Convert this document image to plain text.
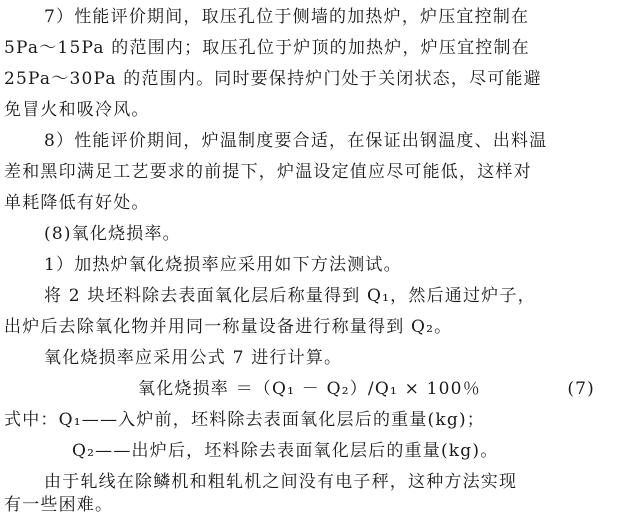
7）性能评价期间，取压孔位于侧墙的加热炉，炉压宜控制在
5Pa～15Pa 的范围内；取压孔位于炉顶的加热炉，炉压宜控制在
25Pa～30Pa 的范围内。同时要保持炉门处于关闭状态，尽可能避
免冒火和吸冷风。
8）性能评价期间，炉温制度要合适，在保证出钢温度、出料温
差和黑印满足工艺要求的前提下，炉温设定值应尽可能低，这样对
单耗降低有好处。
(8)氧化烧损率。
1）加热炉氧化烧损率应采用如下方法测试。
将 2 块坯料除去表面氧化层后称量得到 Q₁，然后通过炉子，
出炉后去除氧化物并用同一称量设备进行称量得到 Q₂。
氧化烧损率应采用公式 7 进行计算。
氧化烧损率 ＝（Q₁ － Q₂）/Q₁ × 100％	(7)
式中：Q₁——入炉前，坯料除去表面氧化层后的重量(kg)；
Q₂——出炉后，坯料除去表面氧化层后的重量(kg)。
由于轧线在除鳞机和粗轧机之间没有电子秤，这种方法实现
有一些困难。
